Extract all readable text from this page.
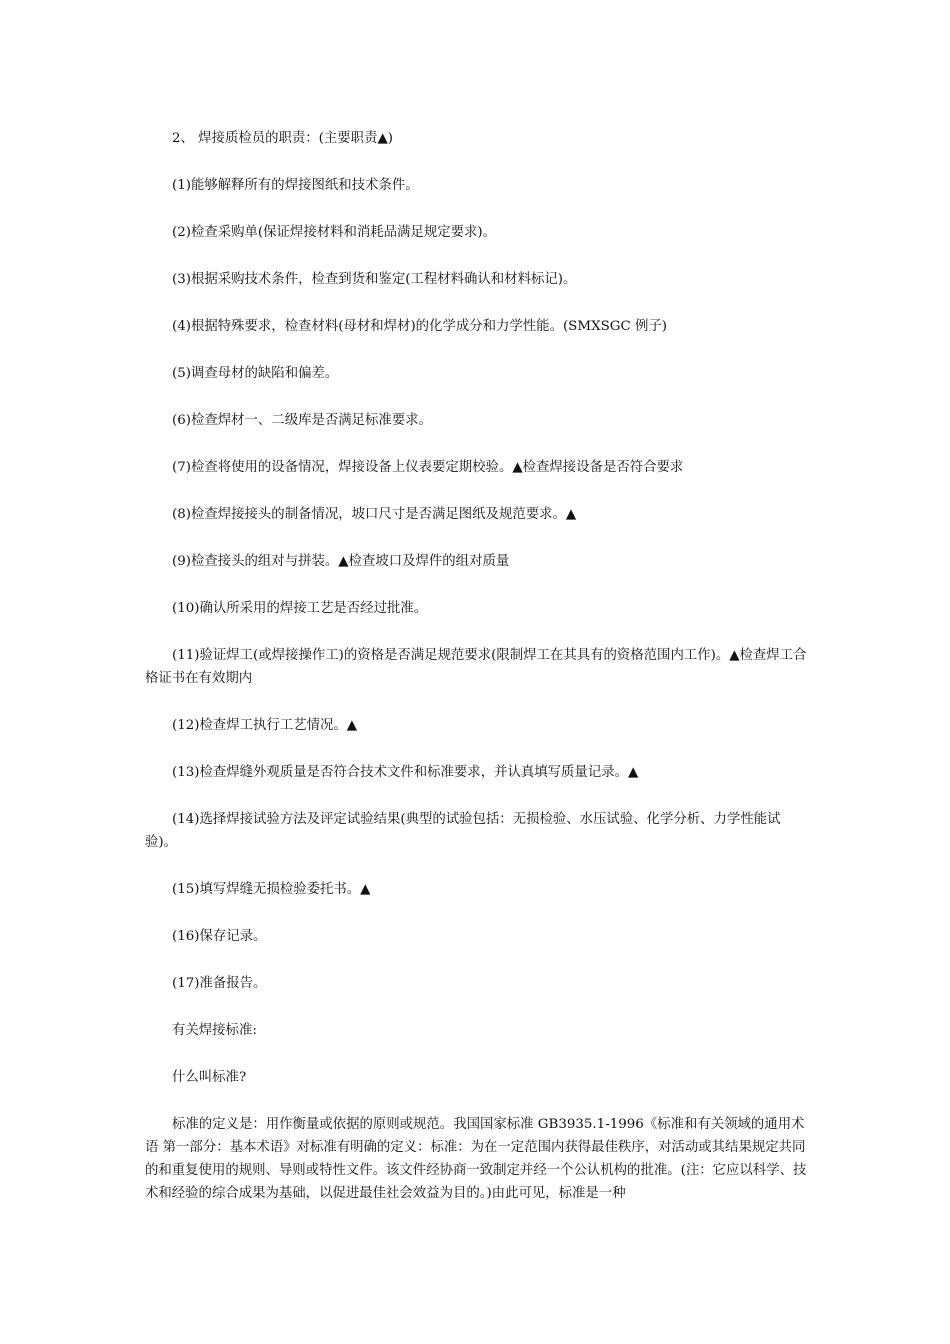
2、 焊接质检员的职责：(主要职责▲)

(1)能够解释所有的焊接图纸和技术条件。

(2)检查采购单(保证焊接材料和消耗品满足规定要求)。

(3)根据采购技术条件，检查到货和鉴定(工程材料确认和材料标记)。

(4)根据特殊要求，检查材料(母材和焊材)的化学成分和力学性能。(SMXSGC 例子)

(5)调查母材的缺陷和偏差。

(6)检查焊材一、二级库是否满足标准要求。

(7)检查将使用的设备情况，焊接设备上仪表要定期校验。▲检查焊接设备是否符合要求

(8)检查焊接接头的制备情况，坡口尺寸是否满足图纸及规范要求。▲

(9)检查接头的组对与拼装。▲检查坡口及焊件的组对质量

(10)确认所采用的焊接工艺是否经过批准。

(11)验证焊工(或焊接操作工)的资格是否满足规范要求(限制焊工在其具有的资格范围内工作)。▲检查焊工合格证书在有效期内

(12)检查焊工执行工艺情况。▲

(13)检查焊缝外观质量是否符合技术文件和标准要求，并认真填写质量记录。▲

(14)选择焊接试验方法及评定试验结果(典型的试验包括：无损检验、水压试验、化学分析、力学性能试验)。

(15)填写焊缝无损检验委托书。▲

(16)保存记录。

(17)准备报告。

有关焊接标准:

什么叫标准?

标准的定义是：用作衡量或依据的原则或规范。我国国家标准 GB3935.1-1996《标准和有关领域的通用术语 第一部分：基本术语》对标准有明确的定义：标准：为在一定范围内获得最佳秩序，对活动或其结果规定共同的和重复使用的规则、导则或特性文件。该文件经协商一致制定并经一个公认机构的批准。(注：它应以科学、技术和经验的综合成果为基础，以促进最佳社会效益为目的。)由此可见，标准是一种
